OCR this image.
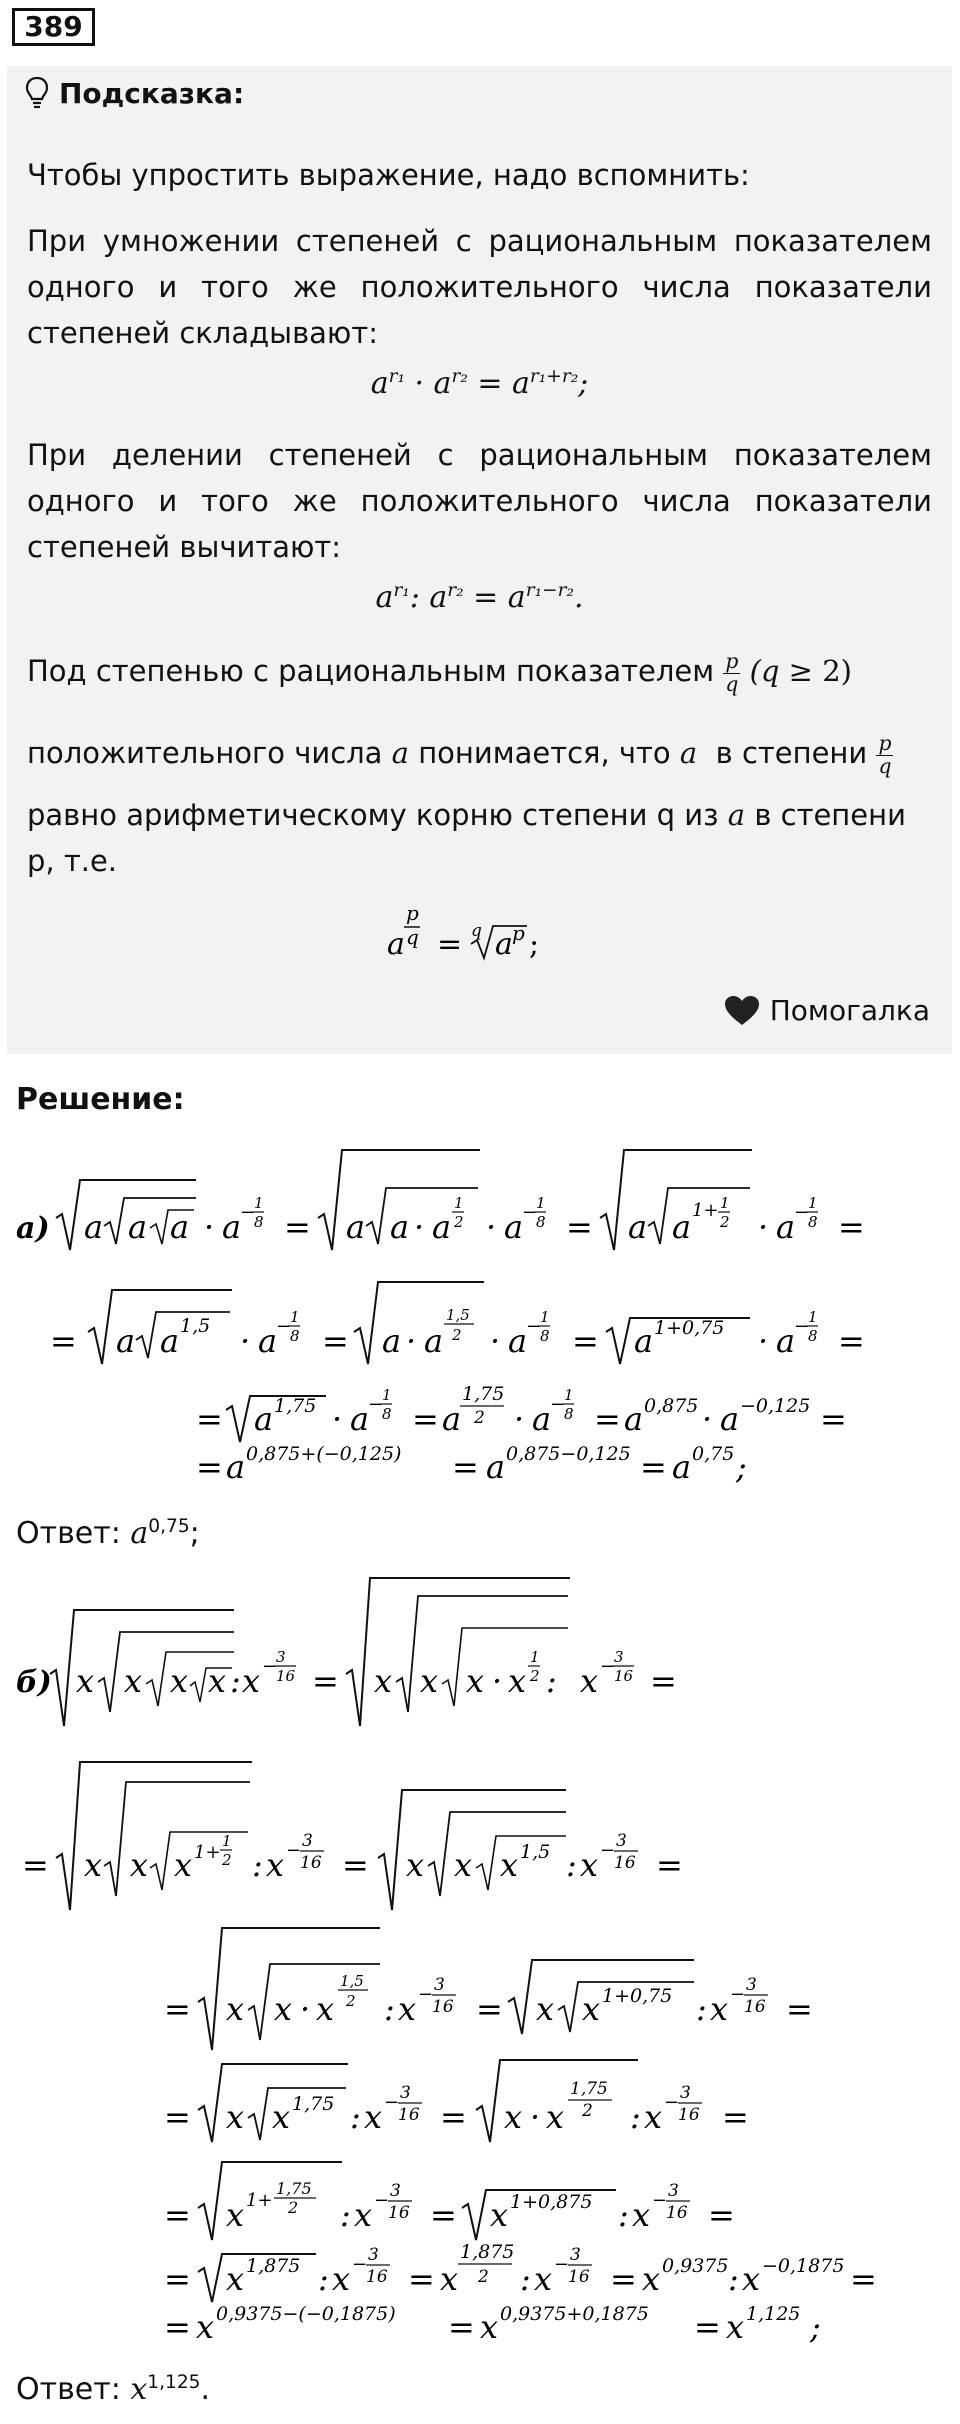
389
Подсказка:
Чтобы упростить выражение, надо вспомнить:
При умножении степеней с рациональным показателем одного и того же положительного числа показатели степеней складывают:
$a^{r_1} \cdot a^{r_2} = a^{r_1+r_2}$;
При делении степеней с рациональным показателем одного и того же положительного числа показатели степеней вычитают:
$a^{r_1}$: $a^{r_2} = a^{r_1-r_2}$.
Под степенью с рациональным показателем $\frac{p}{q} (q \ge 2)$
положительного числа a понимается, что a в степени $\frac{p}{q}$
равно арифметическому корню степени q из a в степени р, т.е.
a
p
q = q a p ;
Помогалка
Решение:
а) a a a · a
−
1
8 = a a · a
1
2 · a
−
1
8 = a a 1+ 1
2 · a
−
1
8 =
= a a 1,5 · a
−
1
8 = a · a
1,5
2 · a
−
1
8 = a 1+0,75 · a
−
1
8 =
= a 1,75 · a
−
1
8 = a
1,75
2 · a
−
1
8 = a 0,875 · a −0,125 =
= a 0,875+(−0,125) = a 0,875−0,125 = a 0,75 ;
Ответ: $a^{0,75}$;
б) x x x x : x −
3
16 = x x x · x
1
2 : x −
3
16 =
= x x x 1+
1
2 : x − 3
16 = x x x 1,5 : x − 3
16 =
= x x · x
1,5
2 : x − 3
16 = x x 1+0,75 : x − 3
16 =
= x x 1,75 : x − 3
16 = x · x
1,75
2 : x − 3
16 =
= x 1+
1,75
2 : x − 3
16 = x 1+0,875 : x − 3
16 =
= x 1,875 : x − 3
16 = x
1,875
2 : x − 3
16 = x 0,9375 : x −0,1875 =
= x 0,9375−(−0,1875) = x 0,9375+0,1875 = x 1,125 ;
Ответ: $x^{1,125}$.
